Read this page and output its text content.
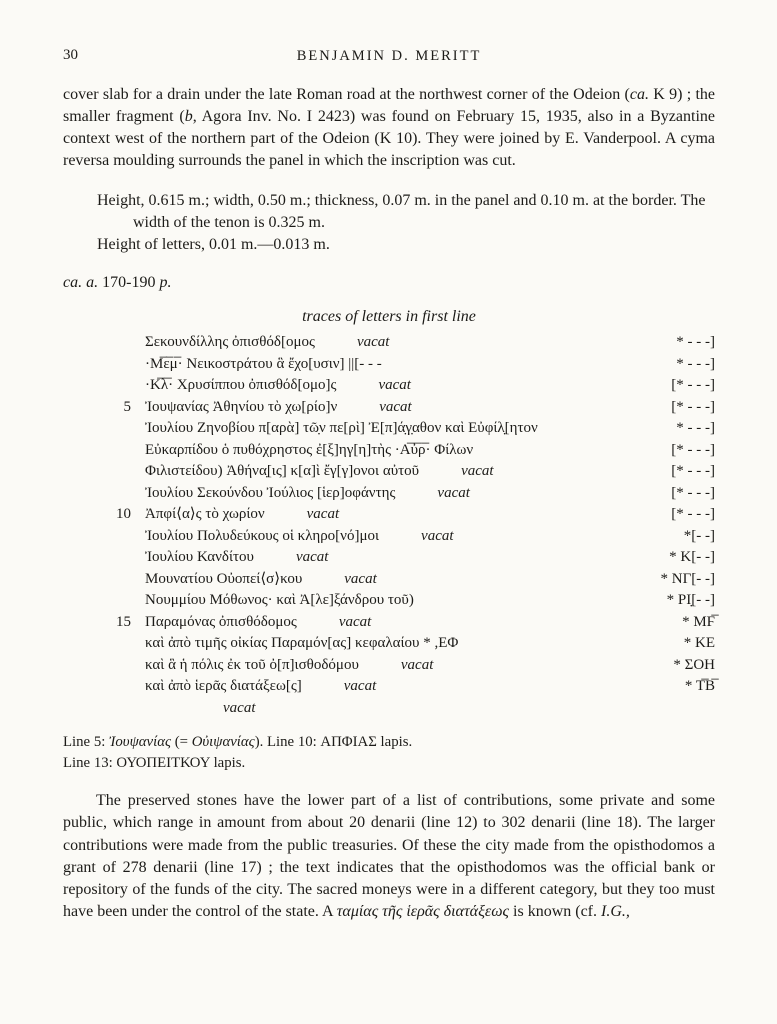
30	BENJAMIN D. MERITT
cover slab for a drain under the late Roman road at the northwest corner of the Odeion (ca. K 9) ; the smaller fragment (b, Agora Inv. No. I 2423) was found on February 15, 1935, also in a Byzantine context west of the northern part of the Odeion (K 10). They were joined by E. Vanderpool. A cyma reversa moulding surrounds the panel in which the inscription was cut.
Height, 0.615 m.; width, 0.50 m.; thickness, 0.07 m. in the panel and 0.10 m. at the border. The width of the tenon is 0.325 m.
Height of letters, 0.01 m.—0.013 m.
ca. a. 170-190 p.
traces of letters in first line
Σεκουνδίλλης ὀπισθόδ[ομος	vacat	* - - -]
·Μ̅ε̅μ̅· Νεικοστράτου ἃ ἔχο[υσιν] ||[- - -	* - - -]
·Κ̅λ̅· Χρυσίππου ὀπισθόδ[ομο]ς	vacat	[* - - -]
5 Ἰουψανίας Ἀθηνίου τὸ χω[ρίο]ν	vacat	[* - - -]
Ἰουλίου Ζηνοβίου π[αρὰ] τῶ̣ν πε[ρὶ] Ἐ[π]ά̣γ̣αθον καὶ Εὐφίλ̣[ητον	* - - -]
Εὐκαρπίδου ὁ πυθόχρηστος ἐ[ξ]ηγ[η]τὴς ·Α̅ὐ̅ρ̅· Φίλων	[* - - -]
Φιλιστείδου) Ἀθήνα̣[ις] κ[α]ὶ ἔγ[γ]ονοι αὐτοῦ	vacat	[* - - -]
Ἰουλίου Σεκούνδου Ἰούλιος [ἱερ]οφάντης	vacat	[* - - -]
10 Ἀπφί⟨α⟩ς τὸ χωρίον	vacat	[* - - -]
Ἰουλίου Πολυδεύκους οἱ κληρο[νό]μοι	vacat	*[- -]
Ἰουλίου Κανδίτου	vacat	* Κ[- -]
Μουνατίου Οὐοπεί⟨σ⟩κου	vacat	* ΝΓ[- -]
Νουμμίου Μόθωνος· καὶ Ἀ[λε]ξάνδρου τοῦ)	* ΡΙ̣[- -]
15 Παραμόνας ὀπισθόδομος	vacat	* ΜϜ̅
καὶ ἀπὸ τιμῆς οἰκίας Παραμόν[ας] κεφαλαίου * ,ΕΦ	* ΚΕ
καὶ ἃ ἡ πόλις ἐκ τοῦ ὀ[π]ισθοδόμου	vacat	* ΣΟΗ
καὶ ἀπὸ ἱερᾶς διατάξεω[ς]	vacat	* Τ̅Β̅
vacat
Line 5: Ἰουψανίας (= Οὐιψανίας). Line 10: ΑΠΦΙΑΣ lapis.
Line 13: ΟΥΟΠΕΙΤΚΟΥ lapis.
The preserved stones have the lower part of a list of contributions, some private and some public, which range in amount from about 20 denarii (line 12) to 302 denarii (line 18). The larger contributions were made from the public treasuries. Of these the city made from the opisthodomos a grant of 278 denarii (line 17) ; the text indicates that the opisthodomos was the official bank or repository of the funds of the city. The sacred moneys were in a different category, but they too must have been under the control of the state. A ταμίας τῆς ἱερᾶς διατάξεως is known (cf. I.G.,
